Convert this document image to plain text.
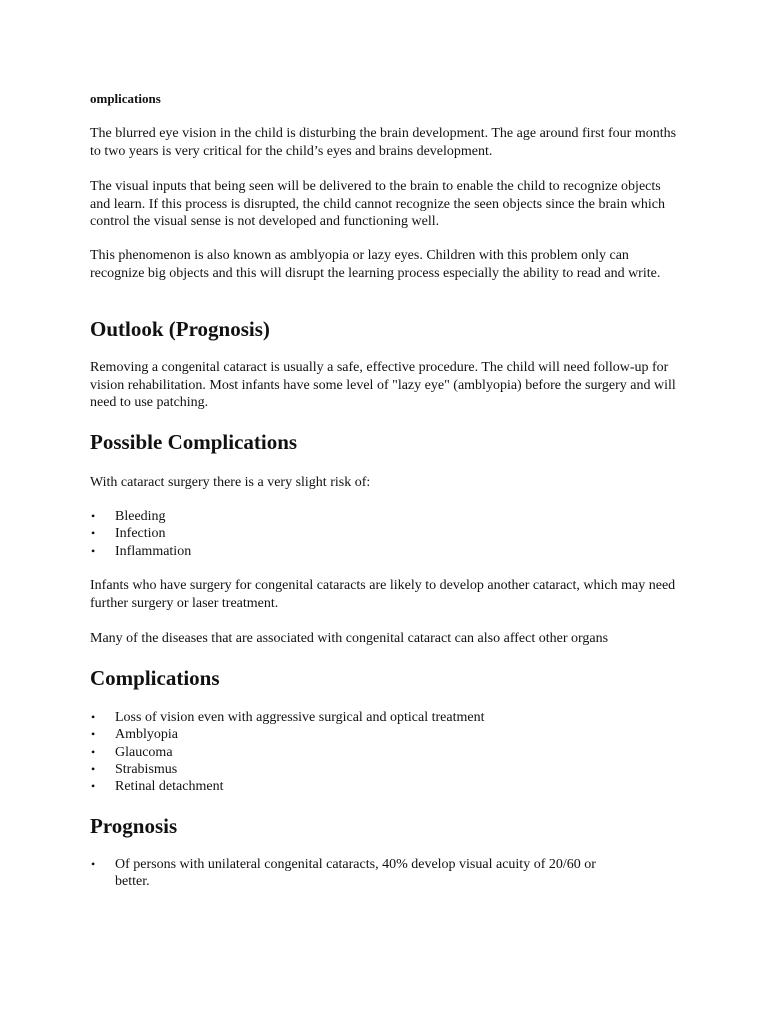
omplications

The blurred eye vision in the child is disturbing the brain development. The age around first four months to two years is very critical for the child’s eyes and brains development.

The visual inputs that being seen will be delivered to the brain to enable the child to recognize objects and learn. If this process is disrupted, the child cannot recognize the seen objects since the brain which control the visual sense is not developed and functioning well.

This phenomenon is also known as amblyopia or lazy eyes. Children with this problem only can recognize big objects and this will disrupt the learning process especially the ability to read and write.

Outlook (Prognosis)

Removing a congenital cataract is usually a safe, effective procedure. The child will need follow-up for vision rehabilitation. Most infants have some level of "lazy eye" (amblyopia) before the surgery and will need to use patching.

Possible Complications

With cataract surgery there is a very slight risk of:

• Bleeding
• Infection
• Inflammation

Infants who have surgery for congenital cataracts are likely to develop another cataract, which may need further surgery or laser treatment.

Many of the diseases that are associated with congenital cataract can also affect other organs

Complications
• Loss of vision even with aggressive surgical and optical treatment
• Amblyopia
• Glaucoma
• Strabismus
• Retinal detachment
Prognosis
• Of persons with unilateral congenital cataracts, 40% develop visual acuity of 20/60 or better.
